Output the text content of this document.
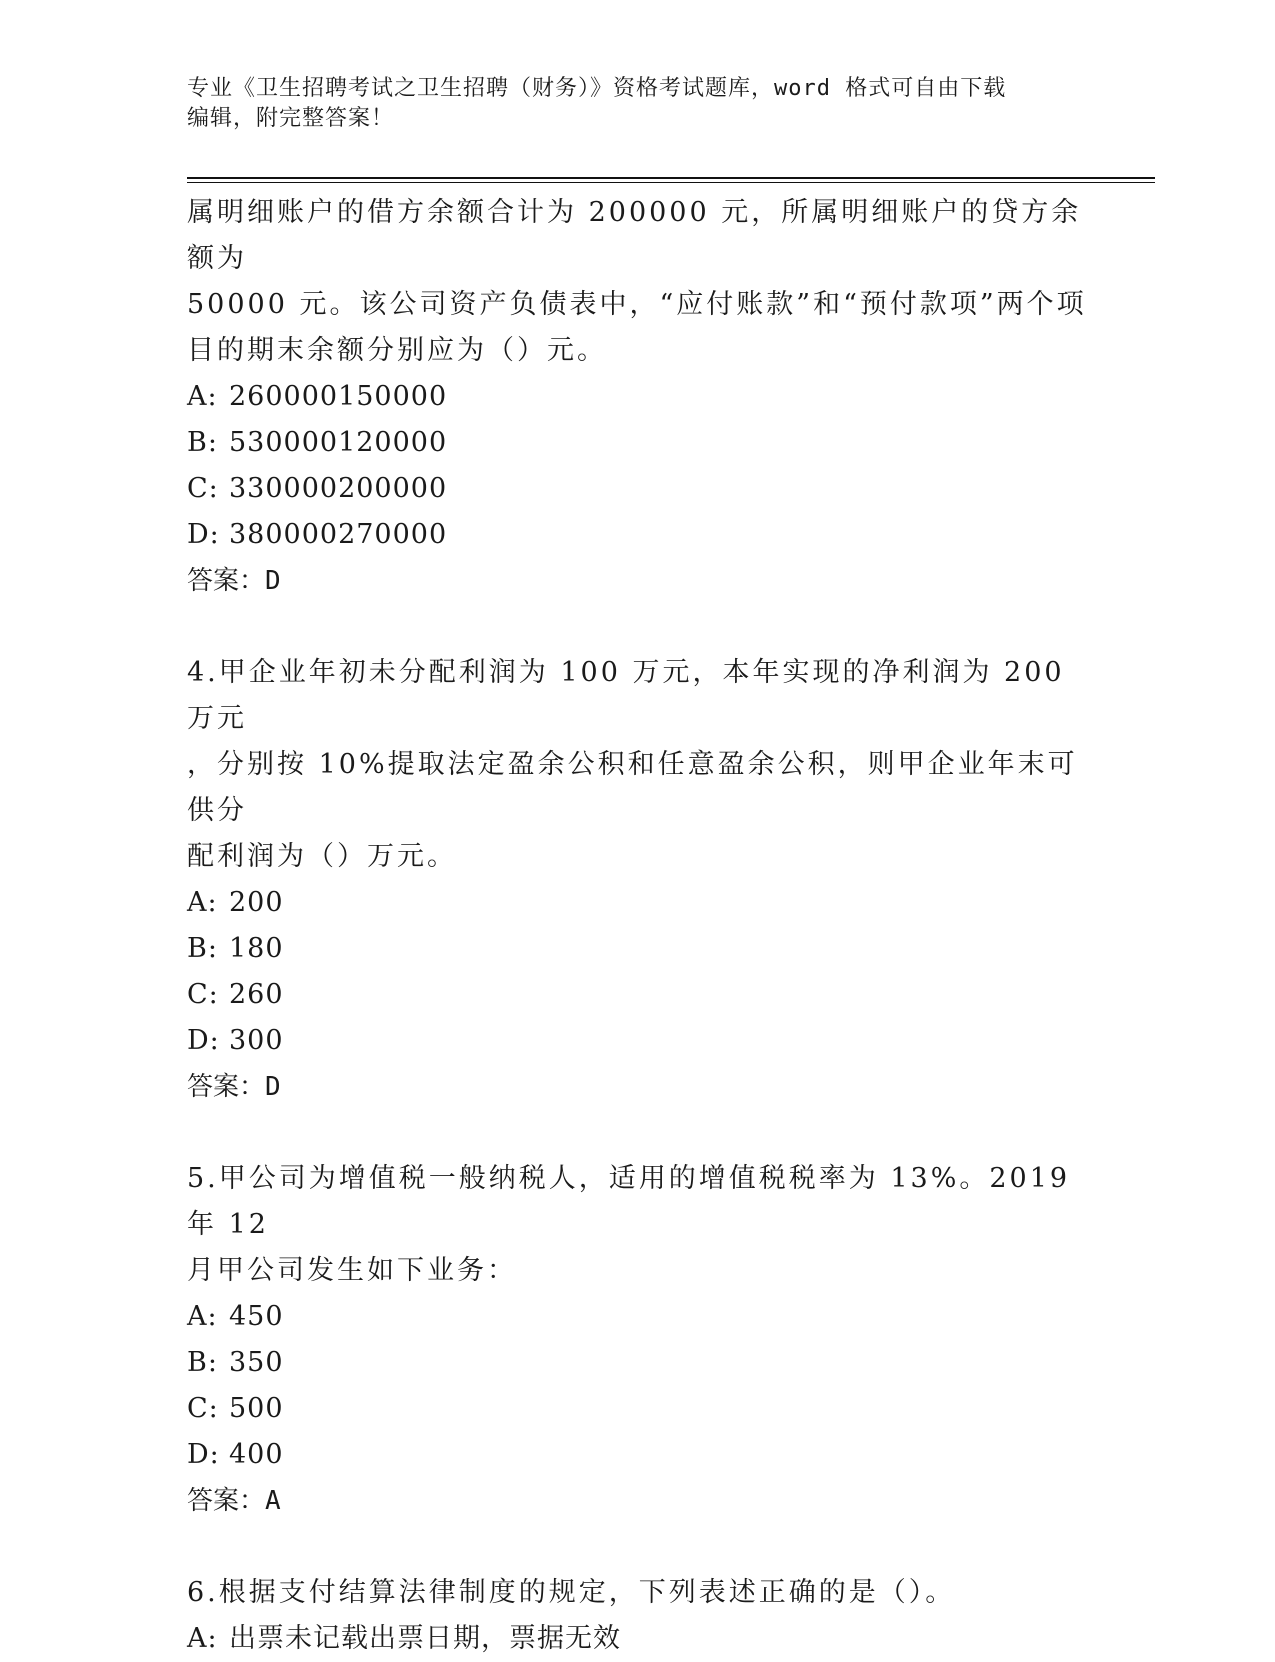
专业《卫生招聘考试之卫生招聘（财务）》资格考试题库，word 格式可自由下载
编辑，附完整答案！

属明细账户的借方余额合计为 200000 元，所属明细账户的贷方余额为

50000 元。该公司资产负债表中，“应付账款”和“预付款项”两个项

目的期末余额分别应为（）元。

A: 260000150000

B: 530000120000

C: 330000200000

D: 380000270000

答案：D

4.甲企业年初未分配利润为 100 万元，本年实现的净利润为 200 万元

，分别按 10%提取法定盈余公积和任意盈余公积，则甲企业年末可供分

配利润为（）万元。

A: 200

B: 180

C: 260

D: 300

答案：D

5.甲公司为增值税一般纳税人，适用的增值税税率为 13%。2019 年 12

月甲公司发生如下业务：

A: 450

B: 350

C: 500

D: 400

答案：A

6.根据支付结算法律制度的规定，下列表述正确的是（）。

A: 出票未记载出票日期，票据无效
